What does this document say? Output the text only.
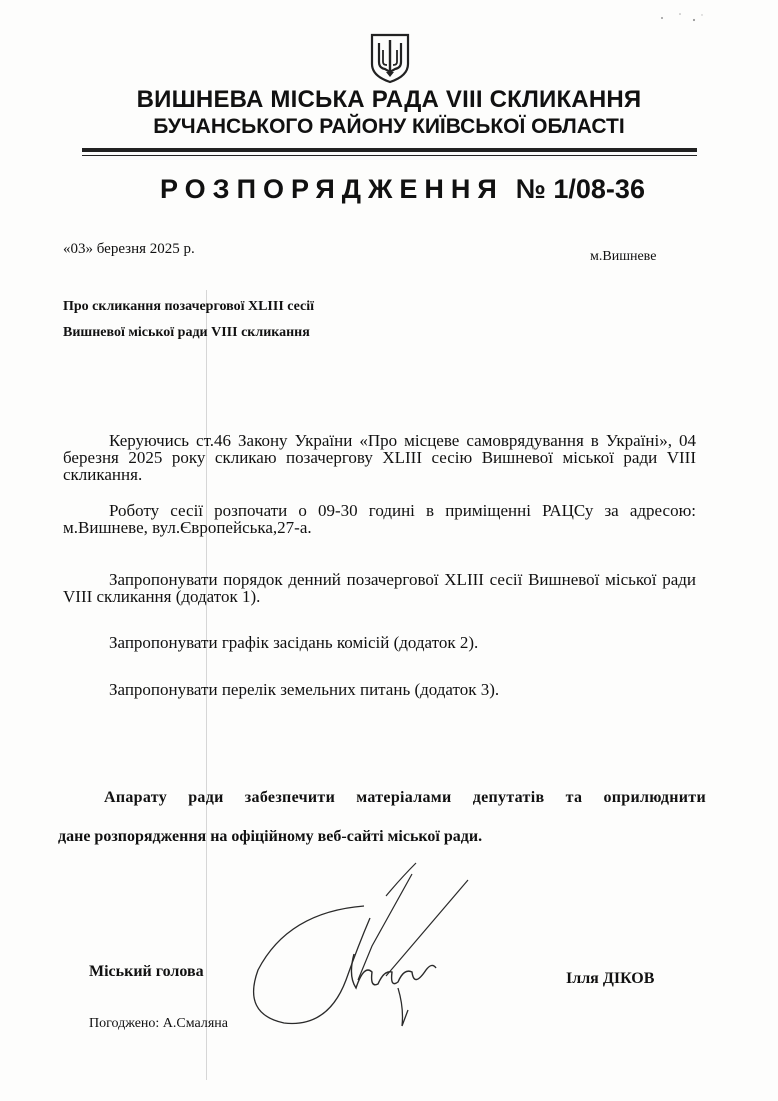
ВИШНЕВА МІСЬКА РАДА VIII СКЛИКАННЯ
БУЧАНСЬКОГО РАЙОНУ КИЇВСЬКОЇ ОБЛАСТІ
РОЗПОРЯДЖЕННЯ № 1/08-36
«03» березня 2025 р.	м.Вишневе
Про скликання позачергової XLIII сесії
Вишневої міської ради VIII скликання
Керуючись ст.46 Закону України «Про місцеве самоврядування в Україні», 04 березня 2025 року скликаю позачергову XLIII сесію Вишневої міської ради VIII скликання.
Роботу сесії розпочати о 09-30 годині в приміщенні РАЦСу за адресою: м.Вишневе, вул.Європейська,27-а.
Запропонувати порядок денний позачергової XLIII сесії Вишневої міської ради VIII скликання (додаток 1).
Запропонувати графік засідань комісій (додаток 2).
Запропонувати перелік земельних питань (додаток 3).
Апарату ради забезпечити матеріалами депутатів та оприлюднити
дане розпорядження на офіційному веб-сайті міської ради.
Міський голова	Ілля ДІКОВ
Погоджено: А.Смаляна
